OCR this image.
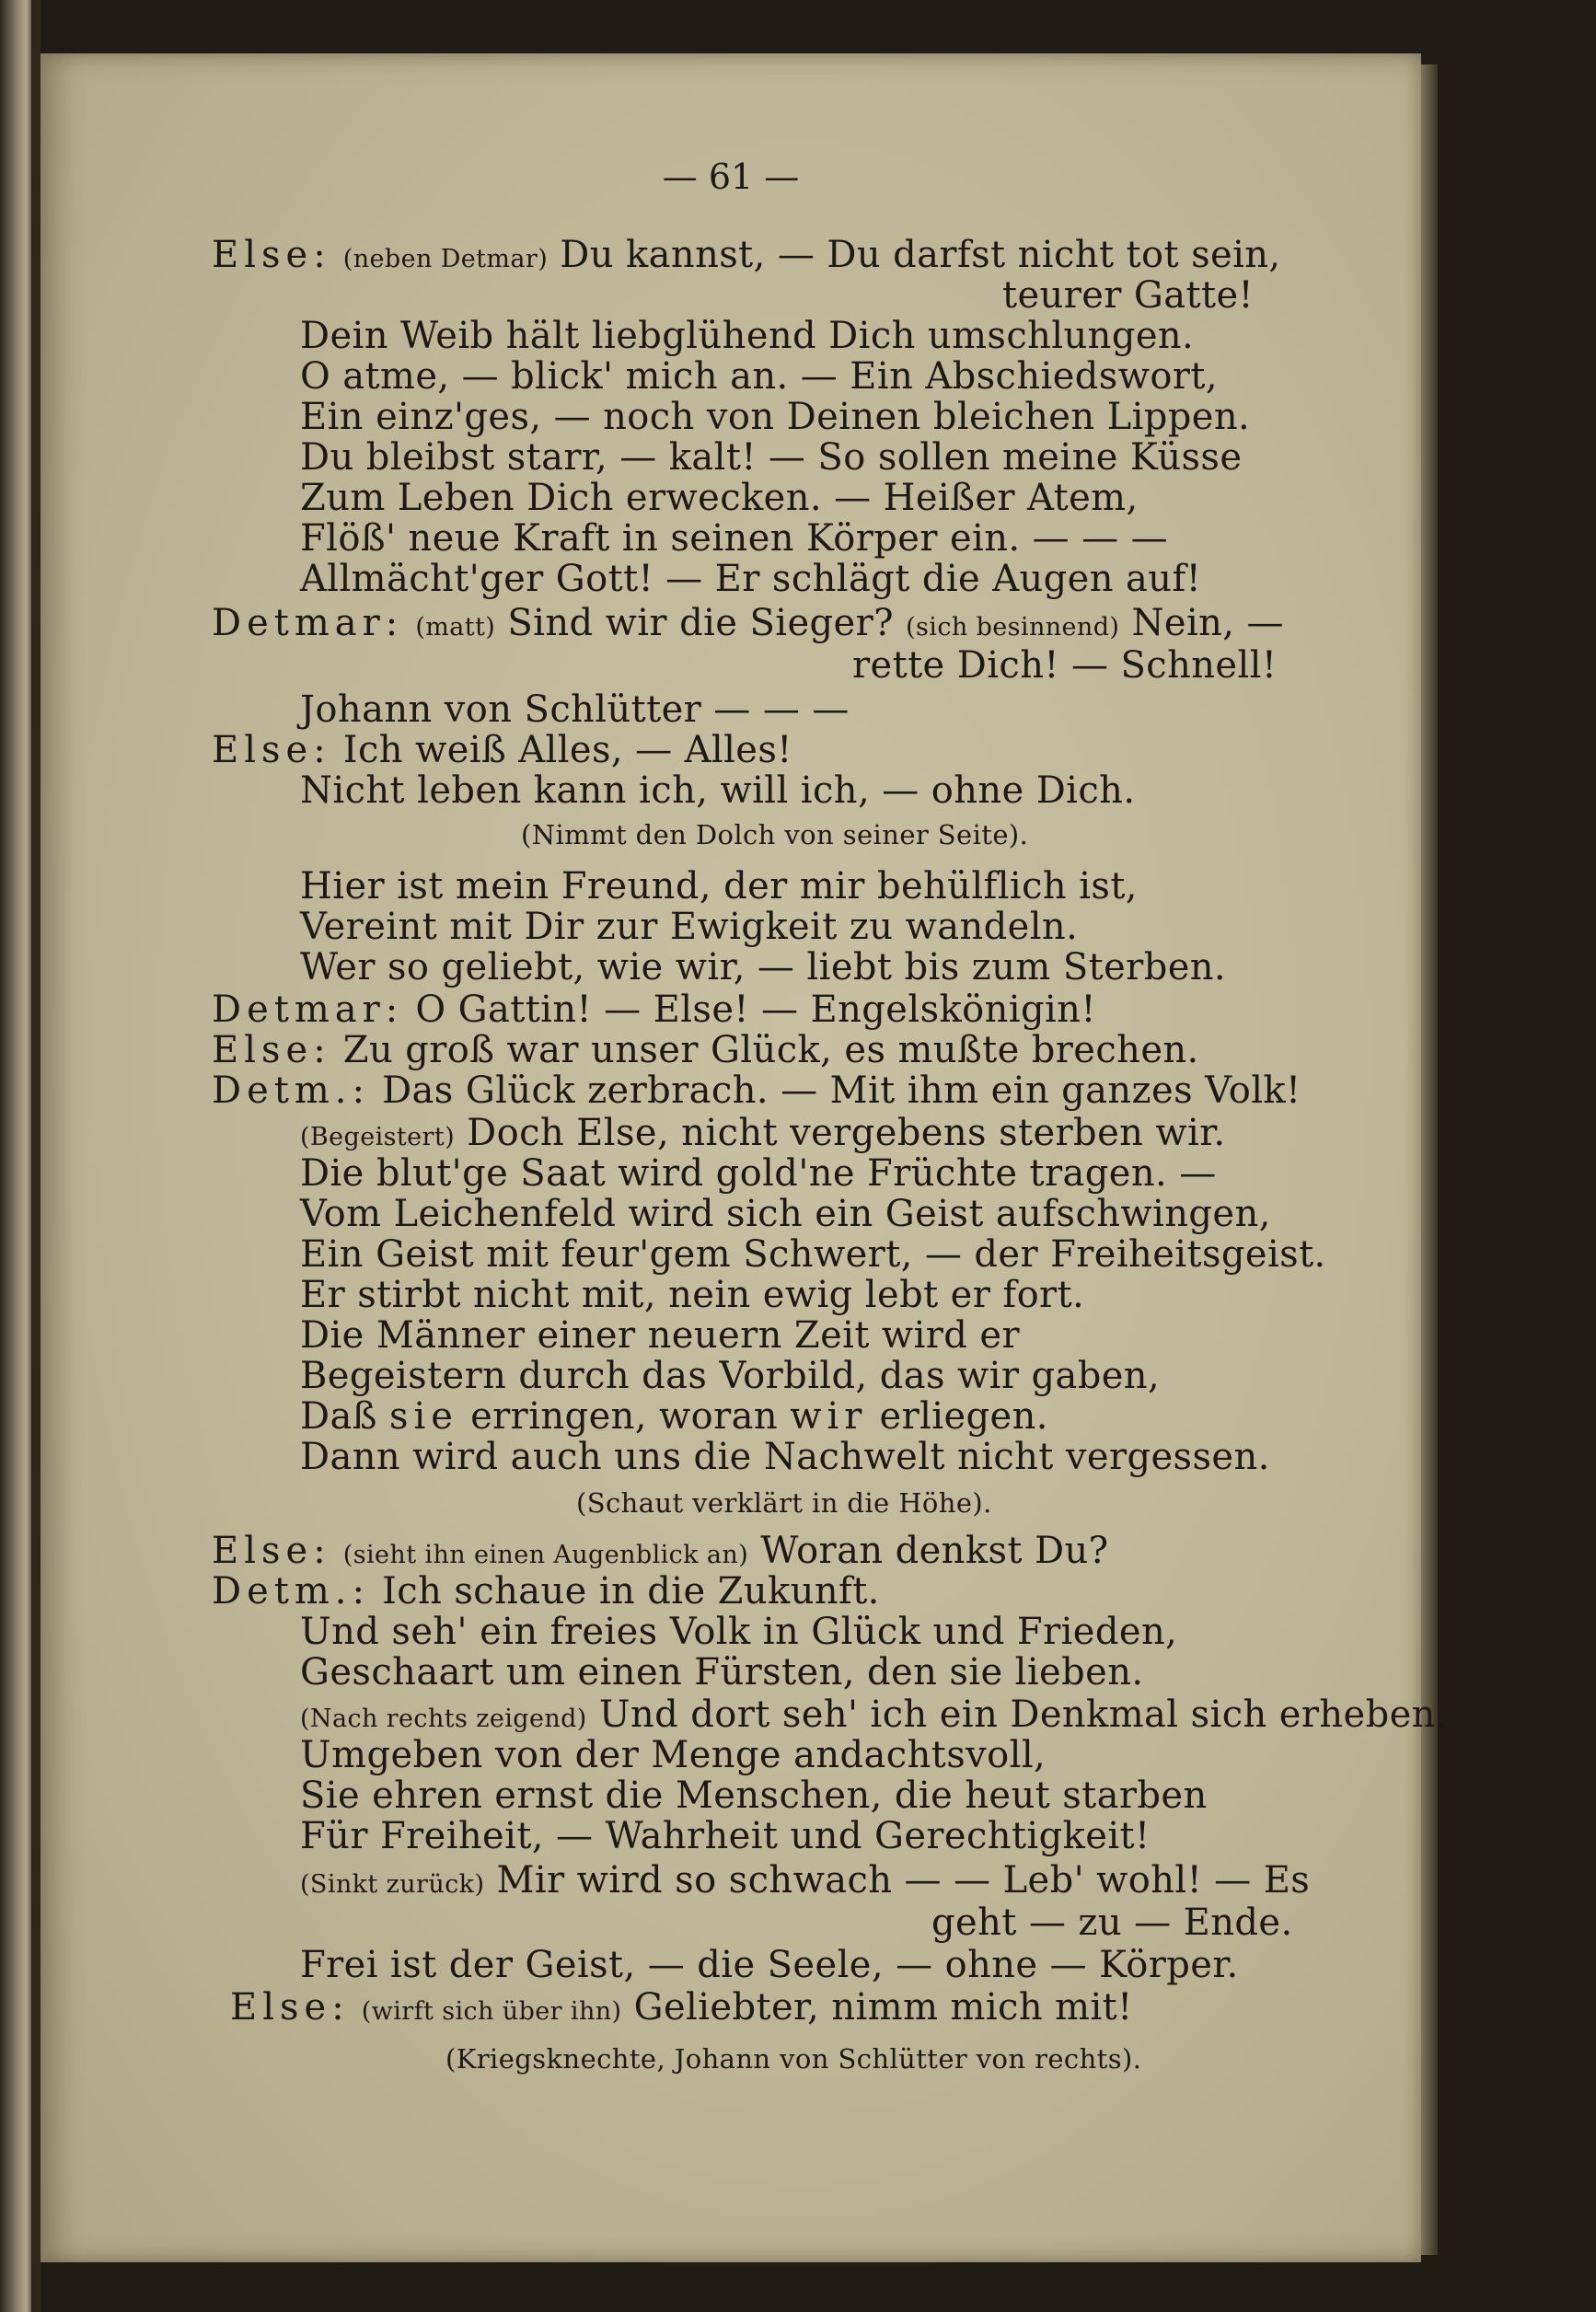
— 61 —
Else: (neben Detmar) Du kannst, — Du darfst nicht tot sein,
teurer Gatte!
Dein Weib hält liebglühend Dich umschlungen.
O atme, — blick' mich an. — Ein Abschiedswort,
Ein einz'ges, — noch von Deinen bleichen Lippen.
Du bleibst starr, — kalt! — So sollen meine Küsse
Zum Leben Dich erwecken. — Heißer Atem,
Flöß' neue Kraft in seinen Körper ein. — — —
Allmächt'ger Gott! — Er schlägt die Augen auf!
Detmar: (matt) Sind wir die Sieger? (sich besinnend) Nein, —
rette Dich! — Schnell!
Johann von Schlütter — — —
Else: Ich weiß Alles, — Alles!
Nicht leben kann ich, will ich, — ohne Dich.
(Nimmt den Dolch von seiner Seite).
Hier ist mein Freund, der mir behülflich ist,
Vereint mit Dir zur Ewigkeit zu wandeln.
Wer so geliebt, wie wir, — liebt bis zum Sterben.
Detmar: O Gattin! — Else! — Engelskönigin!
Else: Zu groß war unser Glück, es mußte brechen.
Detm.: Das Glück zerbrach. — Mit ihm ein ganzes Volk!
(Begeistert) Doch Else, nicht vergebens sterben wir.
Die blut'ge Saat wird gold'ne Früchte tragen. —
Vom Leichenfeld wird sich ein Geist aufschwingen,
Ein Geist mit feur'gem Schwert, — der Freiheitsgeist.
Er stirbt nicht mit, nein ewig lebt er fort.
Die Männer einer neuern Zeit wird er
Begeistern durch das Vorbild, das wir gaben,
Daß sie erringen, woran wir erliegen.
Dann wird auch uns die Nachwelt nicht vergessen.
(Schaut verklärt in die Höhe).
Else: (sieht ihn einen Augenblick an) Woran denkst Du?
Detm.: Ich schaue in die Zukunft.
Und seh' ein freies Volk in Glück und Frieden,
Geschaart um einen Fürsten, den sie lieben.
(Nach rechts zeigend) Und dort seh' ich ein Denkmal sich erheben.
Umgeben von der Menge andachtsvoll,
Sie ehren ernst die Menschen, die heut starben
Für Freiheit, — Wahrheit und Gerechtigkeit!
(Sinkt zurück) Mir wird so schwach — — Leb' wohl! — Es
geht — zu — Ende.
Frei ist der Geist, — die Seele, — ohne — Körper.
Else: (wirft sich über ihn) Geliebter, nimm mich mit!
(Kriegsknechte, Johann von Schlütter von rechts).
